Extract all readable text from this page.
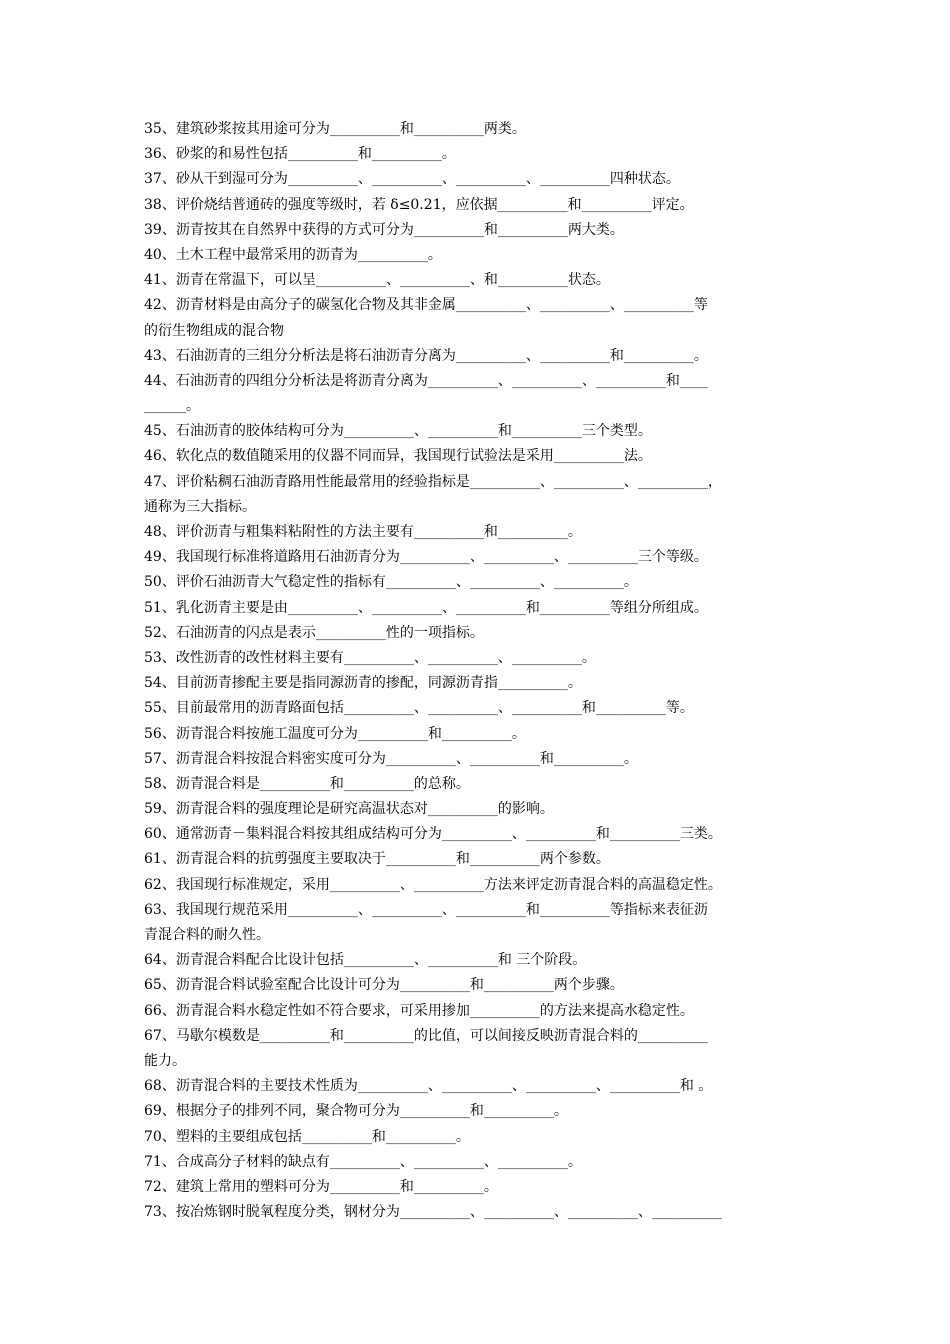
35、建筑砂浆按其用途可分为__________和__________两类。
36、砂浆的和易性包括__________和__________。
37、砂从干到湿可分为__________、__________、__________、__________四种状态。
38、评价烧结普通砖的强度等级时，若 δ≤0.21，应依据__________和__________评定。
39、沥青按其在自然界中获得的方式可分为__________和__________两大类。
40、土木工程中最常采用的沥青为__________。
41、沥青在常温下，可以呈__________、__________、和__________状态。
42、沥青材料是由高分子的碳氢化合物及其非金属__________、__________、__________等
的衍生物组成的混合物
43、石油沥青的三组分分析法是将石油沥青分离为__________、__________和__________。
44、石油沥青的四组分分析法是将沥青分离为__________、__________、__________和____
______。
45、石油沥青的胶体结构可分为__________、__________和__________三个类型。
46、软化点的数值随采用的仪器不同而异，我国现行试验法是采用__________法。
47、评价粘稠石油沥青路用性能最常用的经验指标是__________、__________、__________，
通称为三大指标。
48、评价沥青与粗集料粘附性的方法主要有__________和__________。
49、我国现行标准将道路用石油沥青分为__________、__________、__________三个等级。
50、评价石油沥青大气稳定性的指标有__________、__________、__________。
51、乳化沥青主要是由__________、__________、__________和__________等组分所组成。
52、石油沥青的闪点是表示__________性的一项指标。
53、改性沥青的改性材料主要有__________、__________、__________。
54、目前沥青掺配主要是指同源沥青的掺配，同源沥青指__________。
55、目前最常用的沥青路面包括__________、__________、__________和__________等。
56、沥青混合料按施工温度可分为__________和__________。
57、沥青混合料按混合料密实度可分为__________、__________和__________。
58、沥青混合料是__________和__________的总称。
59、沥青混合料的强度理论是研究高温状态对__________的影响。
60、通常沥青－集料混合料按其组成结构可分为__________、__________和__________三类。
61、沥青混合料的抗剪强度主要取决于__________和__________两个参数。
62、我国现行标准规定，采用__________、__________方法来评定沥青混合料的高温稳定性。
63、我国现行规范采用__________、__________、__________和__________等指标来表征沥
青混合料的耐久性。
64、沥青混合料配合比设计包括__________、__________和 三个阶段。
65、沥青混合料试验室配合比设计可分为__________和__________两个步骤。
66、沥青混合料水稳定性如不符合要求，可采用掺加__________的方法来提高水稳定性。
67、马歇尔模数是__________和__________的比值，可以间接反映沥青混合料的__________
能力。
68、沥青混合料的主要技术性质为__________、__________、__________、__________和 。
69、根据分子的排列不同，聚合物可分为__________和__________。
70、塑料的主要组成包括__________和__________。
71、合成高分子材料的缺点有__________、__________、__________。
72、建筑上常用的塑料可分为__________和__________。
73、按冶炼钢时脱氧程度分类，钢材分为__________、__________、__________、__________
